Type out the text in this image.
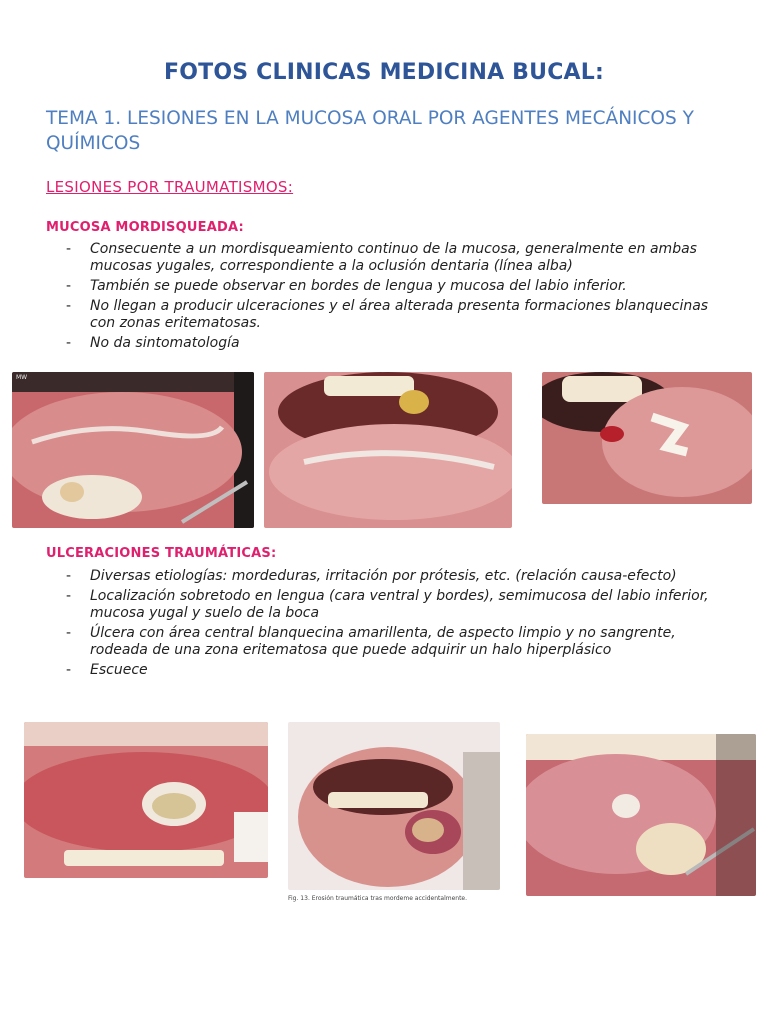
FOTOS CLINICAS MEDICINA BUCAL:
TEMA 1. LESIONES EN LA MUCOSA ORAL POR AGENTES MECÁNICOS Y QUÍMICOS
LESIONES POR TRAUMATISMOS:
MUCOSA MORDISQUEADA:
- Consecuente a un mordisqueamiento continuo de la mucosa, generalmente en ambas mucosas yugales, correspondiente a la oclusión dentaria (línea alba)
- También se puede observar en bordes de lengua y mucosa del labio inferior.
- No llegan a producir ulceraciones y el área alterada presenta formaciones blanquecinas con zonas eritematosas.
- No da sintomatología
MW
ULCERACIONES TRAUMÁTICAS:
- Diversas etiologías: mordeduras, irritación por prótesis, etc. (relación causa-efecto)
- Localización sobretodo en lengua (cara ventral y bordes), semimucosa del labio inferior, mucosa yugal y suelo de la boca
- Úlcera con área central blanquecina amarillenta, de aspecto limpio y no sangrente, rodeada de una zona eritematosa que puede adquirir un halo hiperplásico
- Escuece
Fig. 13. Erosión traumática tras mordeme accidentalmente.
